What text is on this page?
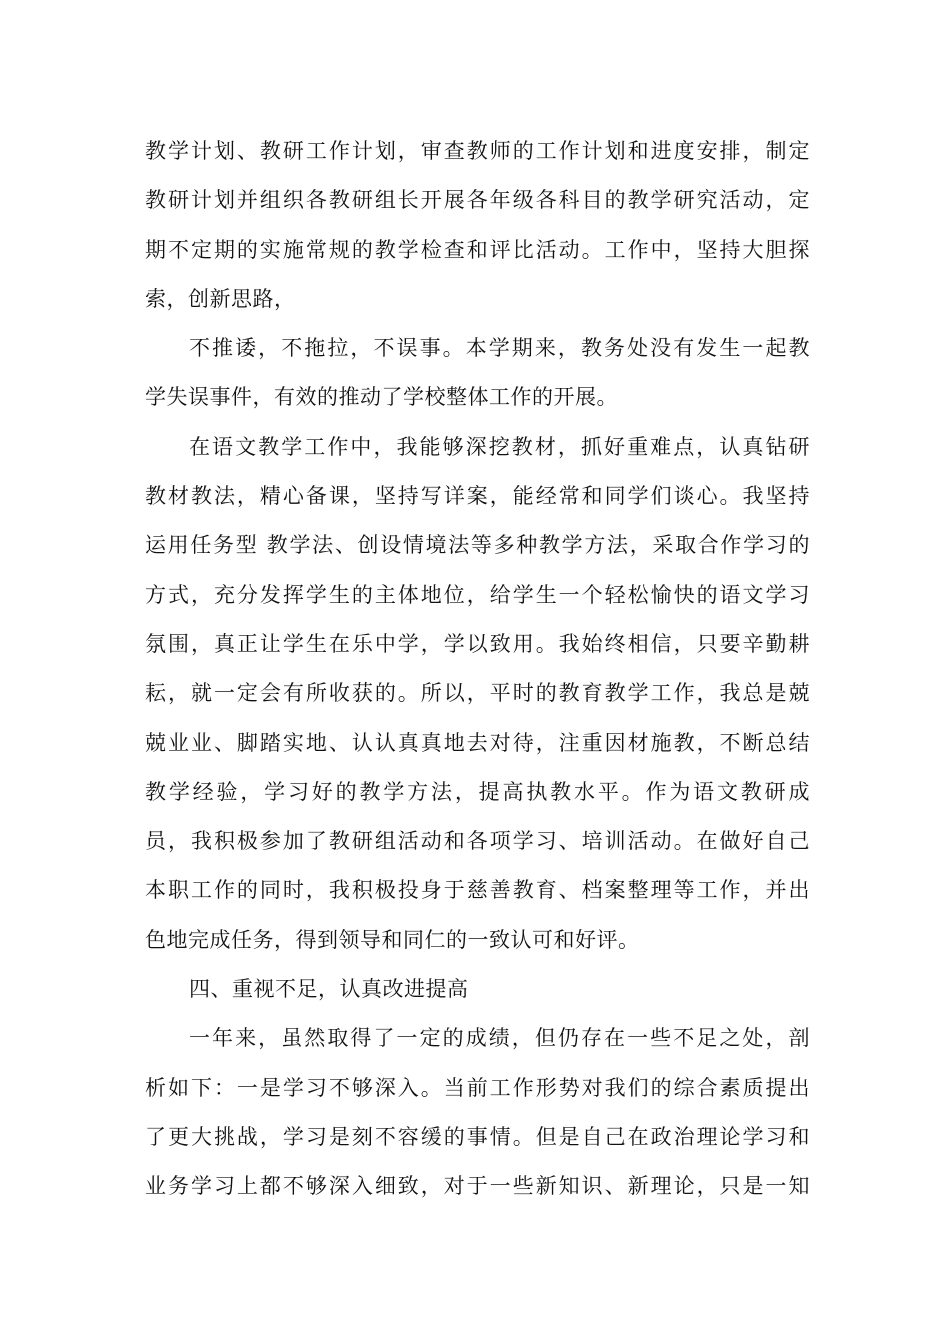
教学计划、教研工作计划，审查教师的工作计划和进度安排，制定
教研计划并组织各教研组长开展各年级各科目的教学研究活动，定
期不定期的实施常规的教学检查和评比活动。工作中，坚持大胆探
索，创新思路，
不推诿，不拖拉，不误事。本学期来，教务处没有发生一起教
学失误事件，有效的推动了学校整体工作的开展。
在语文教学工作中，我能够深挖教材，抓好重难点，认真钻研
教材教法，精心备课，坚持写详案，能经常和同学们谈心。我坚持
运用任务型 教学法、创设情境法等多种教学方法，采取合作学习的
方式，充分发挥学生的主体地位，给学生一个轻松愉快的语文学习
氛围，真正让学生在乐中学，学以致用。我始终相信，只要辛勤耕
耘，就一定会有所收获的。所以，平时的教育教学工作，我总是兢
兢业业、脚踏实地、认认真真地去对待，注重因材施教，不断总结
教学经验，学习好的教学方法，提高执教水平。作为语文教研成
员，我积极参加了教研组活动和各项学习、培训活动。在做好自己
本职工作的同时，我积极投身于慈善教育、档案整理等工作，并出
色地完成任务，得到领导和同仁的一致认可和好评。
四、重视不足，认真改进提高
一年来，虽然取得了一定的成绩，但仍存在一些不足之处，剖
析如下：一是学习不够深入。当前工作形势对我们的综合素质提出
了更大挑战，学习是刻不容缓的事情。但是自己在政治理论学习和
业务学习上都不够深入细致，对于一些新知识、新理论，只是一知
